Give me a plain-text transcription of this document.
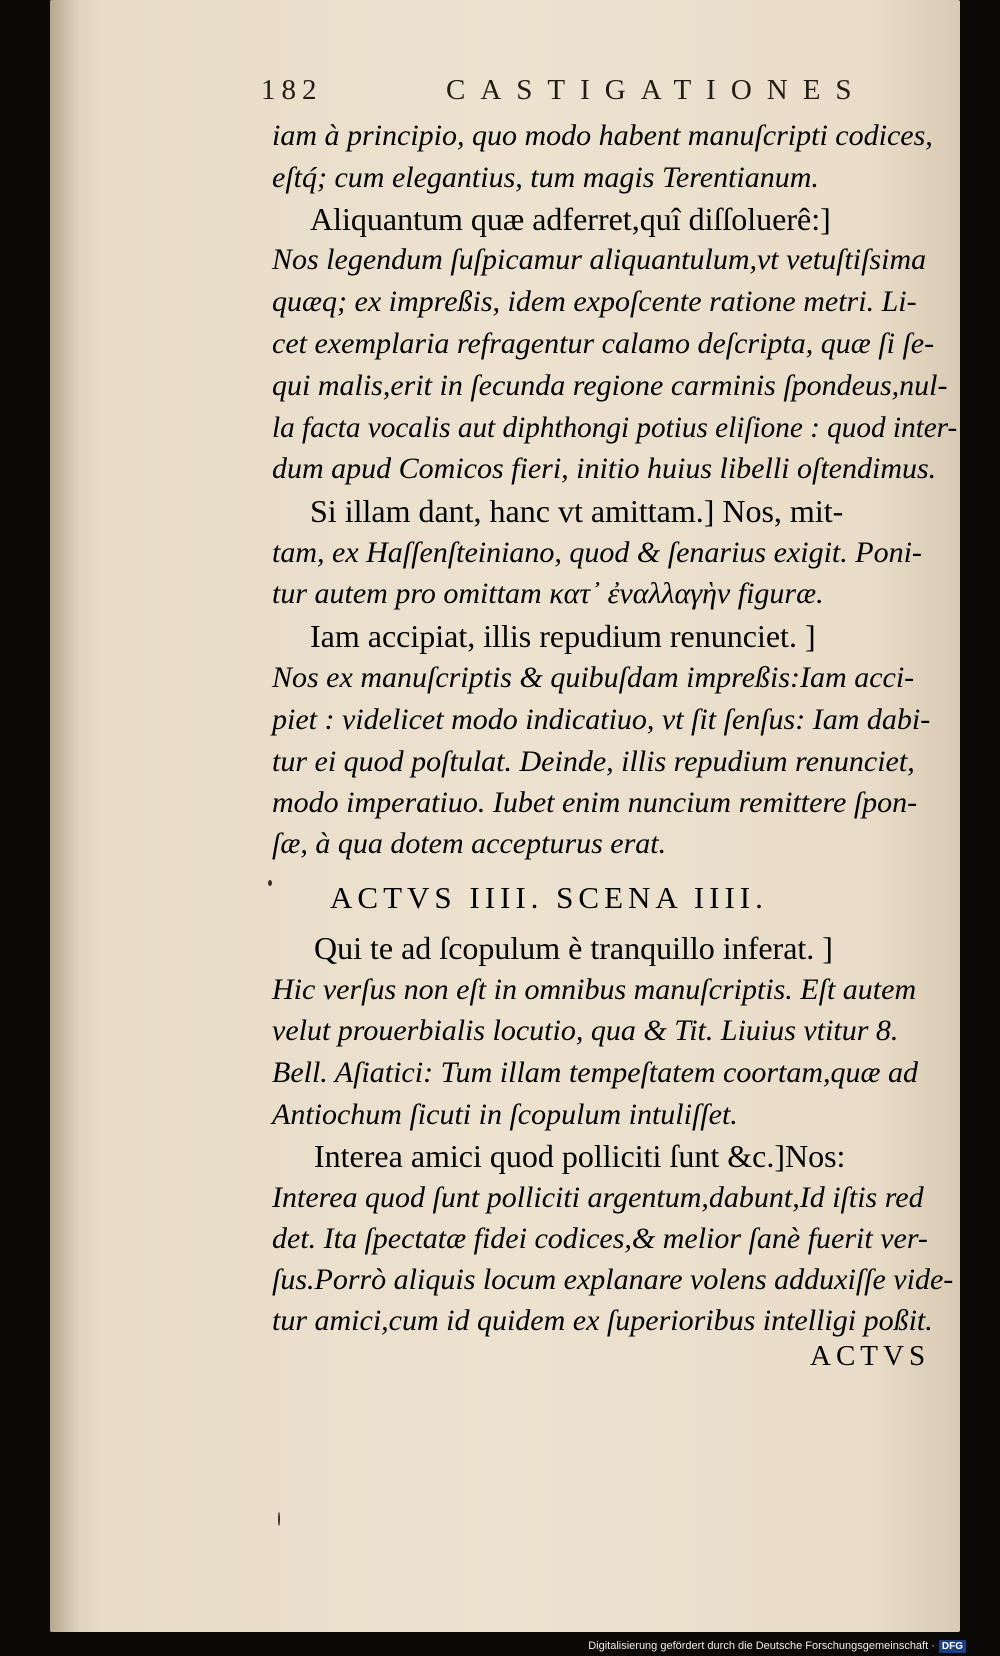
182	CASTIGATIONES
iam à principio, quo modo habent manuſcripti codices,
eſtq́; cum elegantius, tum magis Terentianum.
Aliquantum quæ adferret,quî diſſoluerê:]
Nos legendum ſuſpicamur aliquantulum,vt vetuſtiſsima
quæq; ex impreßis, idem expoſcente ratione metri. Li-
cet exemplaria refragentur calamo deſcripta, quæ ſi ſe-
qui malis,erit in ſecunda regione carminis ſpondeus,nul-
la facta vocalis aut diphthongi potius eliſione : quod inter-
dum apud Comicos fieri, initio huius libelli oſtendimus.
Si illam dant, hanc vt amittam.] Nos, mit-
tam, ex Haſſenſteiniano, quod & ſenarius exigit. Poni-
tur autem pro omittam κατ᾽ ἐναλλαγὴν figuræ.
Iam accipiat, illis repudium renunciet. ]
Nos ex manuſcriptis & quibuſdam impreßis:Iam acci-
piet : videlicet modo indicatiuo, vt ſit ſenſus: Iam dabi-
tur ei quod poſtulat. Deinde, illis repudium renunciet,
modo imperatiuo. Iubet enim nuncium remittere ſpon-
ſæ, à qua dotem accepturus erat.
ACTVS IIII. SCENA IIII.
Qui te ad ſcopulum è tranquillo inferat. ]
Hic verſus non eſt in omnibus manuſcriptis. Eſt autem
velut prouerbialis locutio, qua & Tit. Liuius vtitur 8.
Bell. Aſiatici: Tum illam tempeſtatem coortam,quæ ad
Antiochum ſicuti in ſcopulum intuliſſet.
Interea amici quod polliciti ſunt &c.]Nos:
Interea quod ſunt polliciti argentum,dabunt,Id iſtis red
det. Ita ſpectatæ fidei codices,& melior ſanè fuerit ver-
ſus.Porrò aliquis locum explanare volens adduxiſſe vide-
tur amici,cum id quidem ex ſuperioribus intelligi poßit.
ACTVS
Digitalisierung gefördert durch die Deutsche Forschungsgemeinschaft · DFG
